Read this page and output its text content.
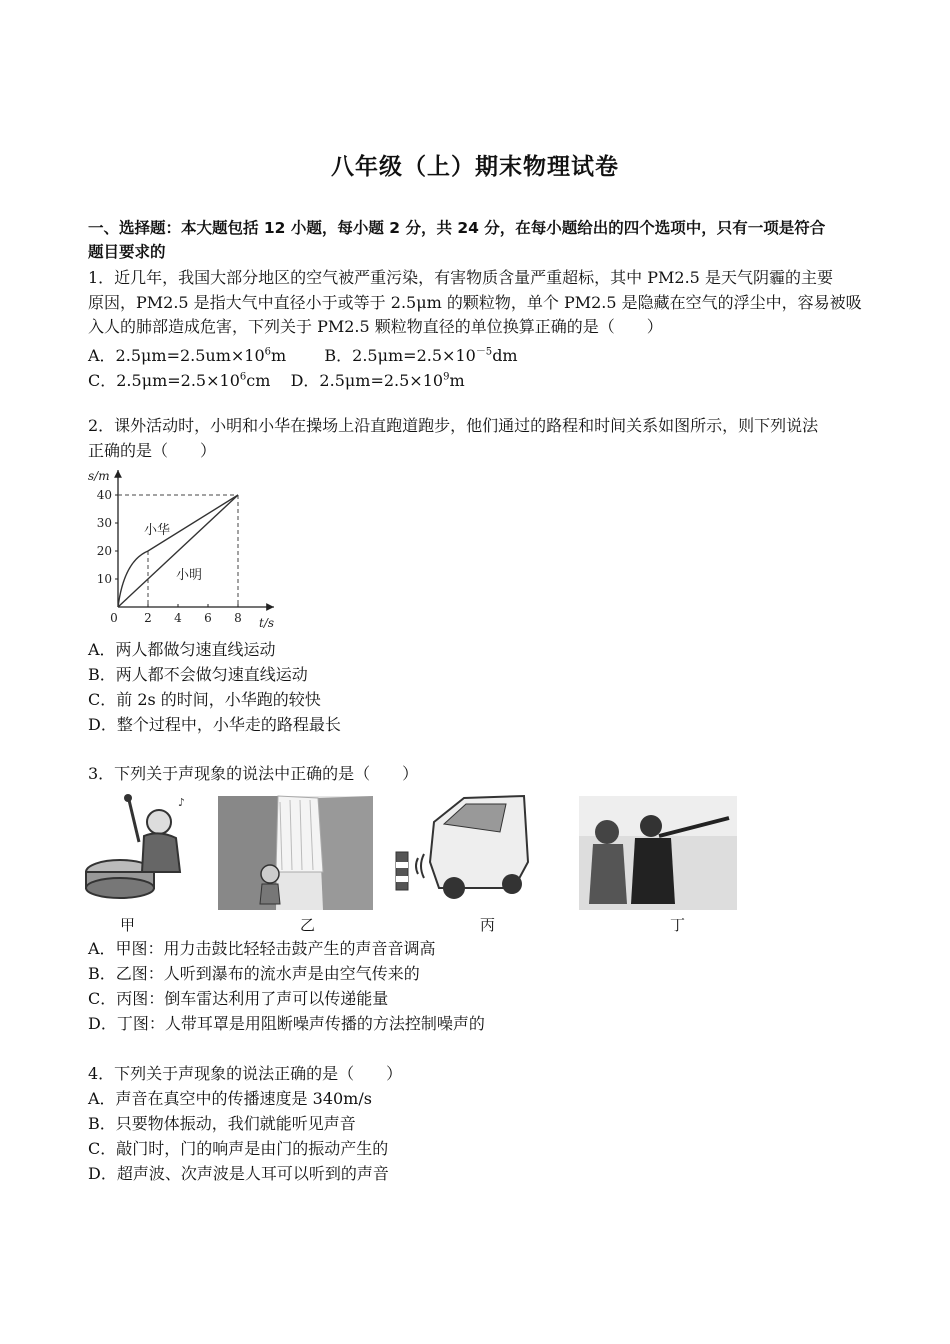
八年级（上）期末物理试卷
一、选择题：本大题包括 12 小题，每小题 2 分，共 24 分，在每小题给出的四个选项中，只有一项是符合
题目要求的
1．近几年，我国大部分地区的空气被严重污染，有害物质含量严重超标，其中 PM2.5 是天气阴霾的主要
原因，PM2.5 是指大气中直径小于或等于 2.5μm 的颗粒物，单个 PM2.5 是隐藏在空气的浮尘中，容易被吸
入人的肺部造成危害，下列关于 PM2.5 颗粒物直径的单位换算正确的是（　　）
A．$2.5\mu m=2.5um\times 10^6m$ B．$2.5\mu m=2.5\times 10^{-5}dm$
C．$2.5\mu m=2.5\times 10^6cm$ D．$2.5\mu m=2.5\times 10^9m$
2．课外活动时，小明和小华在操场上沿直跑道跑步，他们通过的路程和时间关系如图所示，则下列说法
正确的是（　　）
10
20
30
40
0 2 4 6 8
小华
小明
s/m
t/s
A．两人都做匀速直线运动
B．两人都不会做匀速直线运动
C．前 2s 的时间，小华跑的较快
D．整个过程中，小华走的路程最长
3．下列关于声现象的说法中正确的是（　　）
♪
甲	乙	丙	丁
A．甲图：用力击鼓比轻轻击鼓产生的声音音调高
B．乙图：人听到瀑布的流水声是由空气传来的
C．丙图：倒车雷达利用了声可以传递能量
D．丁图：人带耳罩是用阻断噪声传播的方法控制噪声的
4．下列关于声现象的说法正确的是（　　）
A．声音在真空中的传播速度是 340m/s
B．只要物体振动，我们就能听见声音
C．敲门时，门的响声是由门的振动产生的
D．超声波、次声波是人耳可以听到的声音
